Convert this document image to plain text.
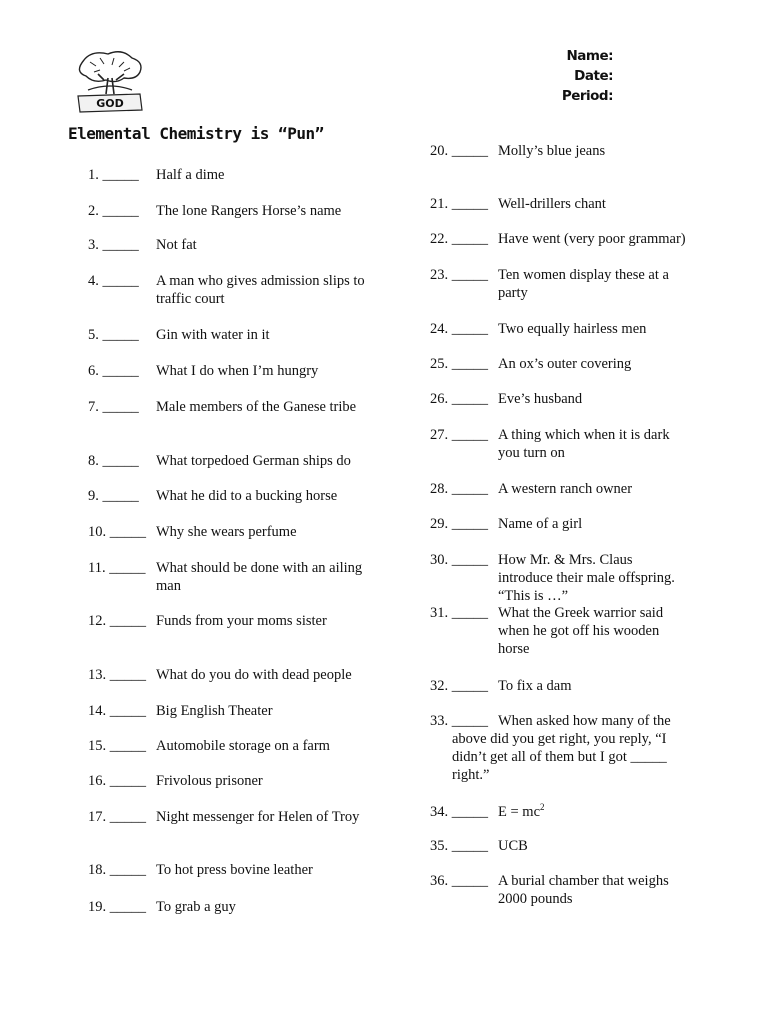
GOD
Name:
Date:
Period:
Elemental Chemistry is “Pun”
1. _____ Half a dime
2. _____ The lone Rangers Horse’s name
3. _____ Not fat
4. _____ A man who gives admission slips to traffic court
5. _____ Gin with water in it
6. _____ What I do when I’m hungry
7. _____ Male members of the Ganese tribe
8. _____ What torpedoed German ships do
9. _____ What he did to a bucking horse
10. _____ Why she wears perfume
11. _____ What should be done with an ailing man
12. _____ Funds from your moms sister
13. _____ What do you do with dead people
14. _____ Big English Theater
15. _____ Automobile storage on a farm
16. _____ Frivolous prisoner
17. _____ Night messenger for Helen of Troy
18. _____ To hot press bovine leather
19. _____ To grab a guy
20. _____ Molly’s blue jeans
21. _____ Well-drillers chant
22. _____ Have went (very poor grammar)
23. _____ Ten women display these at a party
24. _____ Two equally hairless men
25. _____ An ox’s outer covering
26. _____ Eve’s husband
27. _____ A thing which when it is dark you turn on
28. _____ A western ranch owner
29. _____ Name of a girl
30. _____ How Mr. & Mrs. Claus introduce their male offspring. “This is …”
31. _____ What the Greek warrior said when he got off his wooden horse
32. _____ To fix a dam
33. _____ When asked how many of the above did you get right, you reply, “I didn’t get all of them but I got _____ right.”
34. _____ $E = mc^2$
35. _____ UCB
36. _____ A burial chamber that weighs 2000 pounds
